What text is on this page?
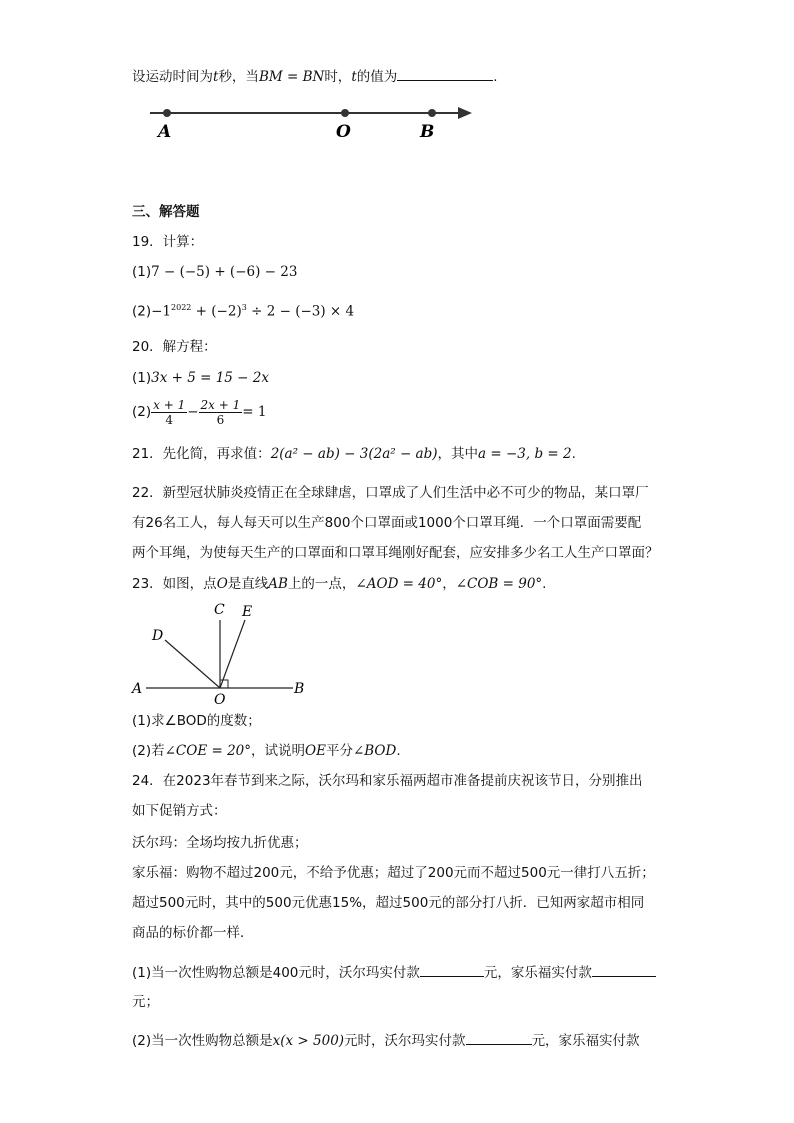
设运动时间为t秒，当BM = BN时，t的值为	.
A	O	B
三、解答题
19．计算：
(1)7 − (−5) + (−6) − 23
$(2)-1^{2022} + (-2)^3 \div 2 - (-3) \times 4$
20．解方程：
(1)3x + 5 = 15 − 2x
$(2) \frac{x + 1}{4} - \frac{2x + 1}{6} = 1$
21．先化简，再求值：2(a² − ab) − 3(2a² − ab)，其中a = −3, b = 2.
22．新型冠状肺炎疫情正在全球肆虐，口罩成了人们生活中必不可少的物品，某口罩厂
有26名工人，每人每天可以生产800个口罩面或1000个口罩耳绳．一个口罩面需要配
两个耳绳，为使每天生产的口罩面和口罩耳绳刚好配套，应安排多少名工人生产口罩面？
23．如图，点O是直线AB上的一点，∠AOD = 40°，∠COB = 90°.
C E
D
A
O
B
(1)求∠BOD的度数；
(2)若∠COE = 20°，试说明OE平分∠BOD.
24．在2023年春节到来之际，沃尔玛和家乐福两超市准备提前庆祝该节日，分别推出
如下促销方式：
沃尔玛：全场均按九折优惠；
家乐福：购物不超过200元，不给予优惠；超过了200元而不超过500元一律打八五折；
超过500元时，其中的500元优惠15%，超过500元的部分打八折．已知两家超市相同
商品的标价都一样．
(1)当一次性购物总额是400元时，沃尔玛实付款	元，家乐福实付款
元；
(2)当一次性购物总额是x(x > 500)元时，沃尔玛实付款	元，家乐福实付款
